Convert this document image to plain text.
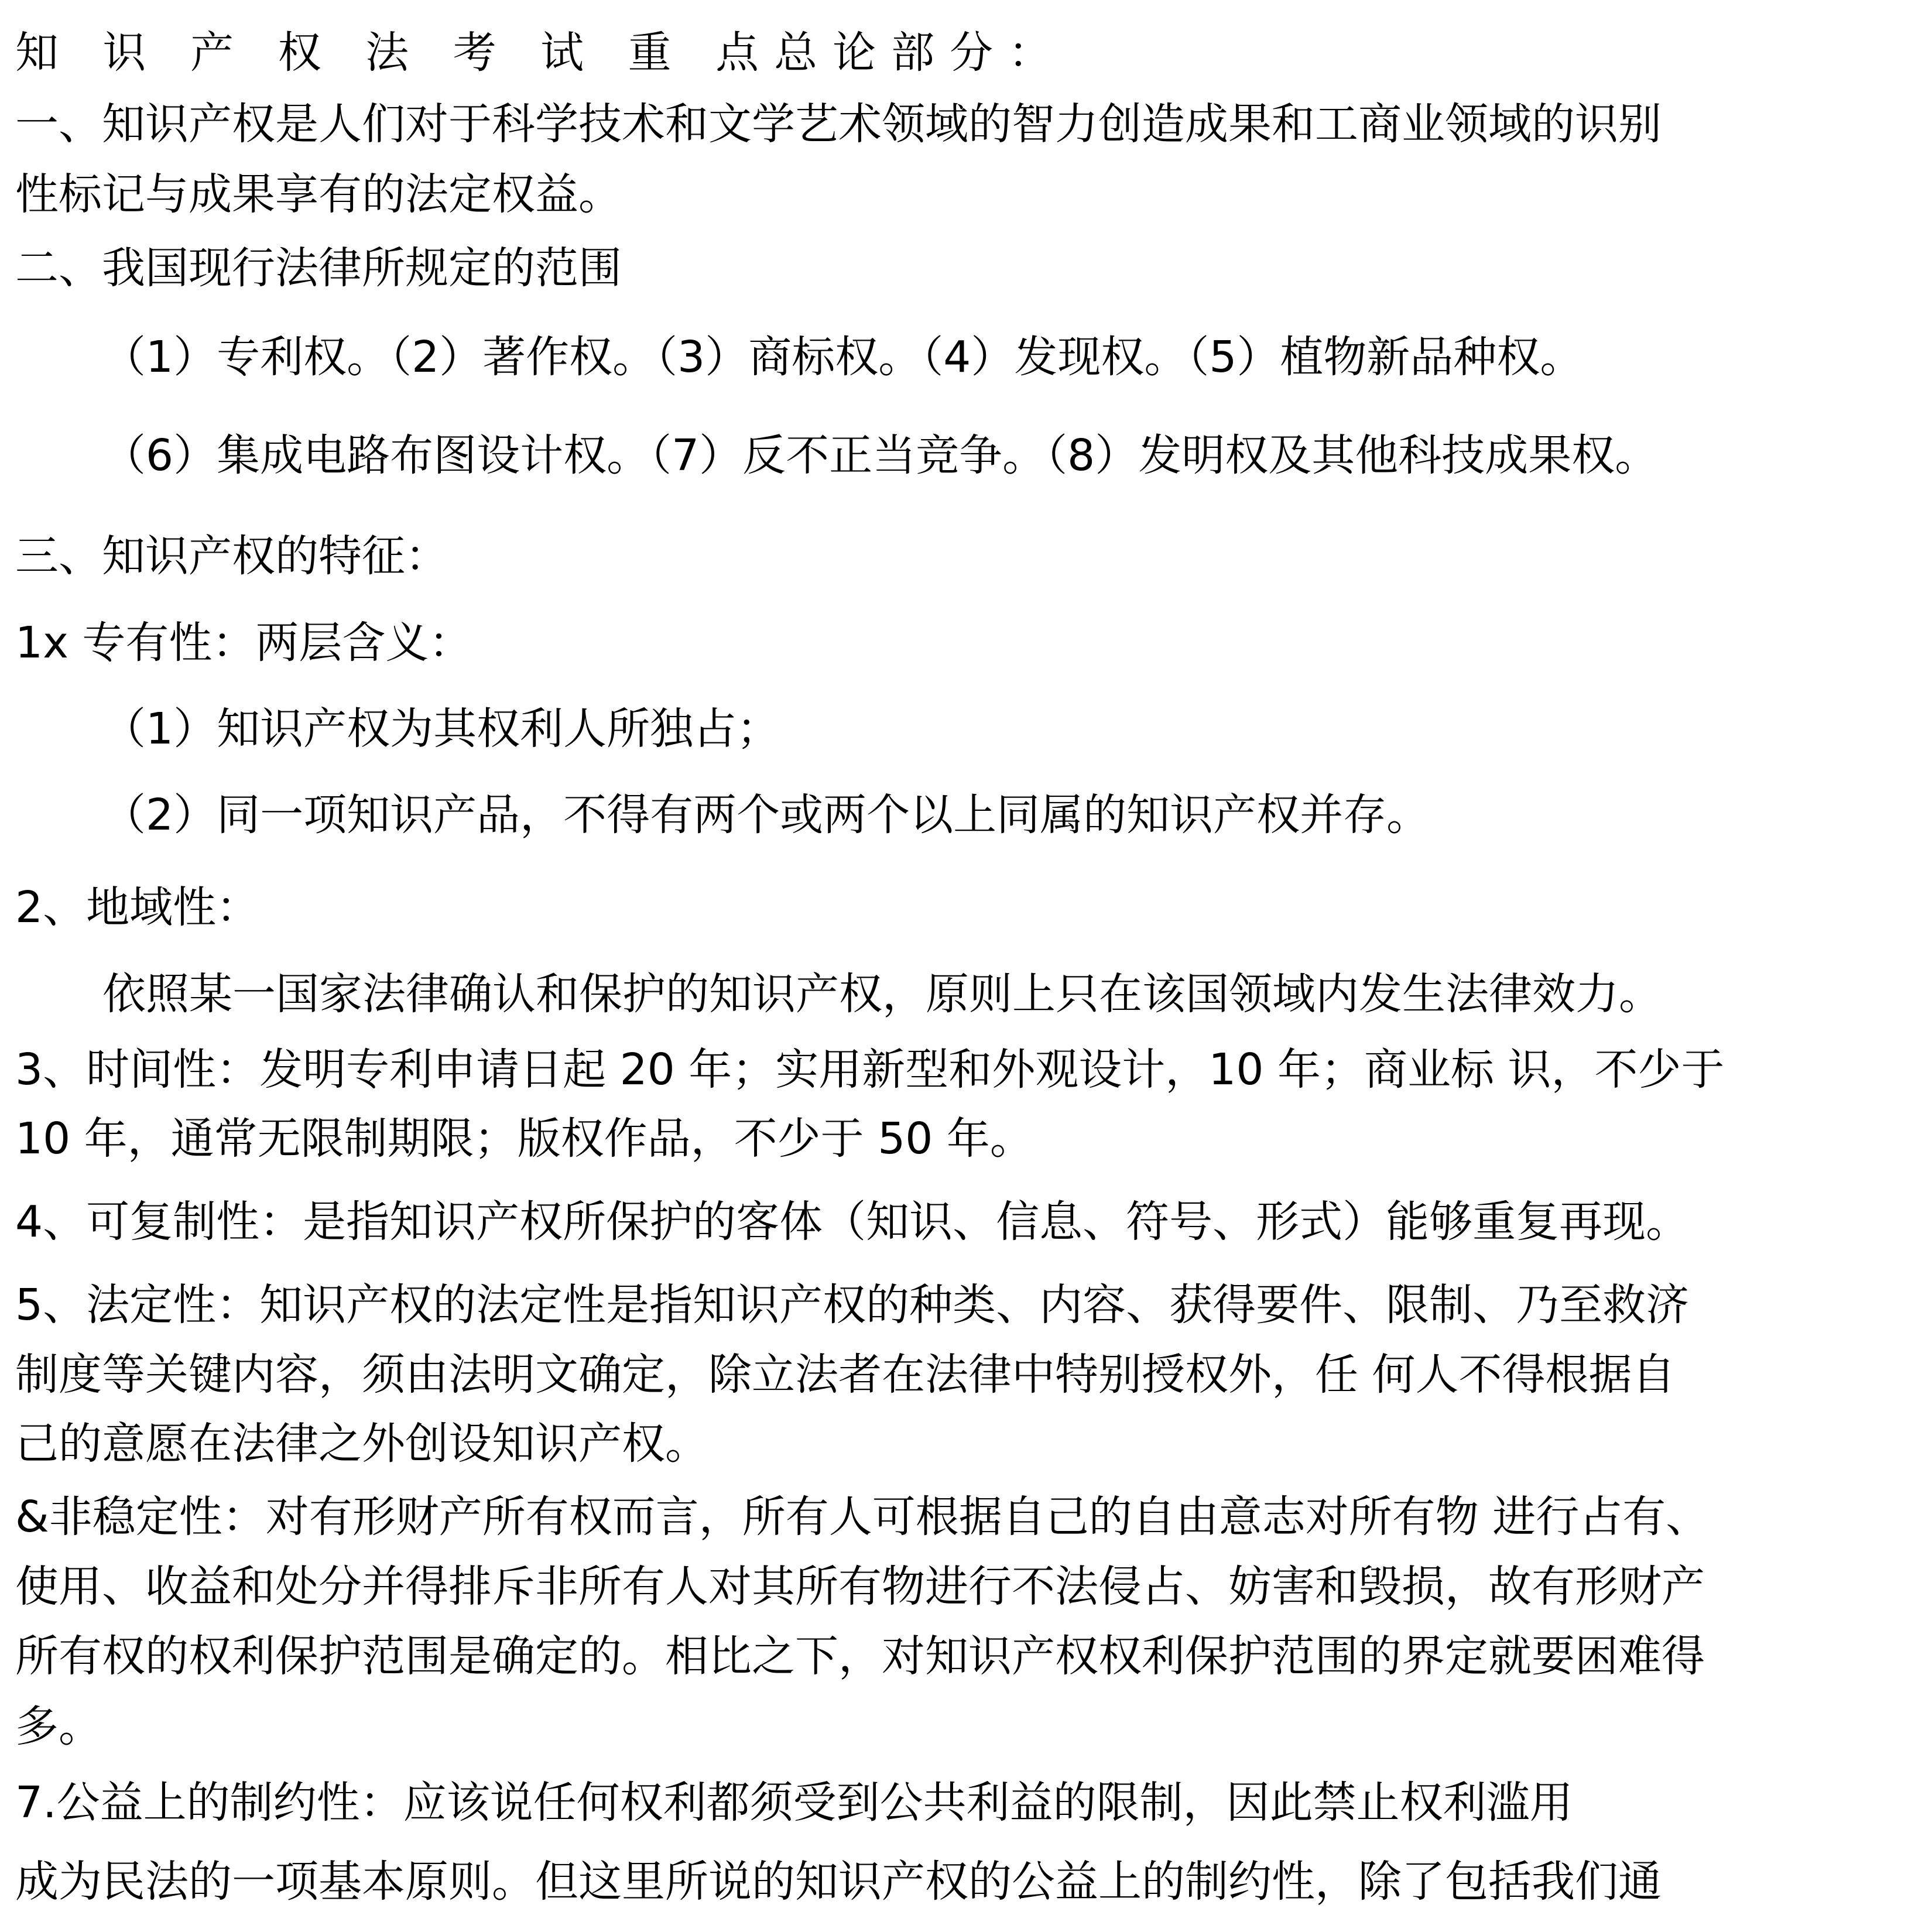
知 识 产 权 法 考 试 重 点总论部分：
一、知识产权是人们对于科学技术和文学艺术领域的智力创造成果和工商业领域的识别
性标记与成果享有的法定权益。
二、我国现行法律所规定的范围
（1）专利权。（2）著作权。（3）商标权。（4）发现权。（5）植物新品种权。
（6）集成电路布图设计权。（7）反不正当竞争。（8）发明权及其他科技成果权。
三、知识产权的特征：
1x 专有性：两层含义：
（1）知识产权为其权利人所独占；
（2）同一项知识产品，不得有两个或两个以上同属的知识产权并存。
2、地域性：
依照某一国家法律确认和保护的知识产权，原则上只在该国领域内发生法律效力。
3、时间性：发明专利申请日起 20 年；实用新型和外观设计，10 年；商业标 识，不少于
10 年，通常无限制期限；版权作品，不少于 50 年。
4、可复制性：是指知识产权所保护的客体（知识、信息、符号、形式）能够重复再现。
5、法定性：知识产权的法定性是指知识产权的种类、内容、获得要件、限制、乃至救济
制度等关键内容，须由法明文确定，除立法者在法律中特别授权外，任 何人不得根据自
己的意愿在法律之外创设知识产权。
&非稳定性：对有形财产所有权而言，所有人可根据自己的自由意志对所有物 进行占有、
使用、收益和处分并得排斥非所有人对其所有物进行不法侵占、妨害和毁损，故有形财产
所有权的权利保护范围是确定的。相比之下，对知识产权权利保护范围的界定就要困难得
多。
7.公益上的制约性：应该说任何权利都须受到公共利益的限制，因此禁止权利滥用
成为民法的一项基本原则。但这里所说的知识产权的公益上的制约性，除了包括我们通
